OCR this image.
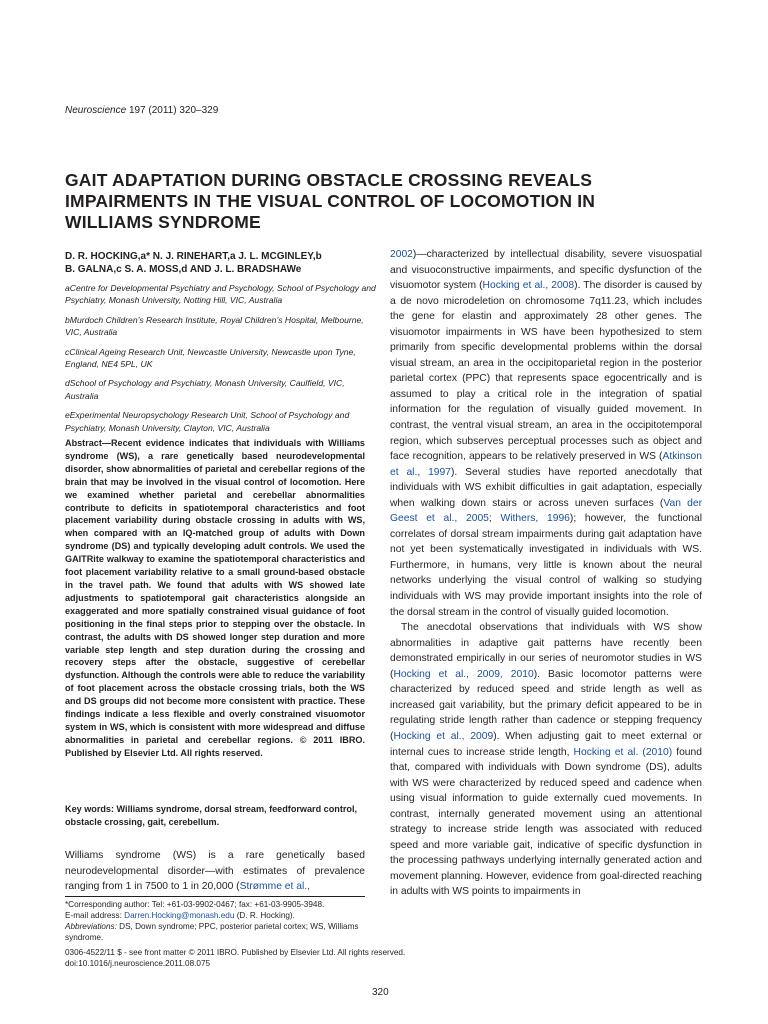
Neuroscience 197 (2011) 320–329
GAIT ADAPTATION DURING OBSTACLE CROSSING REVEALS IMPAIRMENTS IN THE VISUAL CONTROL OF LOCOMOTION IN WILLIAMS SYNDROME
D. R. HOCKING,a* N. J. RINEHART,a J. L. MCGINLEY,b
B. GALNA,c S. A. MOSS,d AND J. L. BRADSHAWe

aCentre for Developmental Psychiatry and Psychology, School of Psychology and Psychiatry, Monash University, Notting Hill, VIC, Australia

bMurdoch Children’s Research Institute, Royal Children’s Hospital, Melbourne, VIC, Australia

cClinical Ageing Research Unit, Newcastle University, Newcastle upon Tyne, England, NE4 5PL, UK

dSchool of Psychology and Psychiatry, Monash University, Caulfield, VIC, Australia

eExperimental Neuropsychology Research Unit, School of Psychology and Psychiatry, Monash University, Clayton, VIC, Australia

Abstract—Recent evidence indicates that individuals with Williams syndrome (WS), a rare genetically based neurodevelopmental disorder, show abnormalities of parietal and cerebellar regions of the brain that may be involved in the visual control of locomotion. Here we examined whether parietal and cerebellar abnormalities contribute to deficits in spatiotemporal characteristics and foot placement variability during obstacle crossing in adults with WS, when compared with an IQ-matched group of adults with Down syndrome (DS) and typically developing adult controls. We used the GAITRite walkway to examine the spatiotemporal characteristics and foot placement variability relative to a small ground-based obstacle in the travel path. We found that adults with WS showed late adjustments to spatiotemporal gait characteristics alongside an exaggerated and more spatially constrained visual guidance of foot positioning in the final steps prior to stepping over the obstacle. In contrast, the adults with DS showed longer step duration and more variable step length and step duration during the crossing and recovery steps after the obstacle, suggestive of cerebellar dysfunction. Although the controls were able to reduce the variability of foot placement across the obstacle crossing trials, both the WS and DS groups did not become more consistent with practice. These findings indicate a less flexible and overly constrained visuomotor system in WS, which is consistent with more widespread and diffuse abnormalities in parietal and cerebellar regions. © 2011 IBRO. Published by Elsevier Ltd. All rights reserved.

Key words: Williams syndrome, dorsal stream, feedforward control, obstacle crossing, gait, cerebellum.

Williams syndrome (WS) is a rare genetically based neurodevelopmental disorder—with estimates of prevalence ranging from 1 in 7500 to 1 in 20,000 (Strømme et al.,

*Corresponding author: Tel: +61-03-9902-0467; fax: +61-03-9905-3948.

E-mail address: Darren.Hocking@monash.edu (D. R. Hocking).

Abbreviations: DS, Down syndrome; PPC, posterior parietal cortex; WS, Williams syndrome.

0306-4522/11 $ - see front matter © 2011 IBRO. Published by Elsevier Ltd. All rights reserved.

doi:10.1016/j.neuroscience.2011.08.075

320

2002)—characterized by intellectual disability, severe visuospatial and visuoconstructive impairments, and specific dysfunction of the visuomotor system (Hocking et al., 2008). The disorder is caused by a de novo microdeletion on chromosome 7q11.23, which includes the gene for elastin and approximately 28 other genes. The visuomotor impairments in WS have been hypothesized to stem primarily from specific developmental problems within the dorsal visual stream, an area in the occipitoparietal region in the posterior parietal cortex (PPC) that represents space egocentrically and is assumed to play a critical role in the integration of spatial information for the regulation of visually guided movement. In contrast, the ventral visual stream, an area in the occipitotemporal region, which subserves perceptual processes such as object and face recognition, appears to be relatively preserved in WS (Atkinson et al., 1997). Several studies have reported anecdotally that individuals with WS exhibit difficulties in gait adaptation, especially when walking down stairs or across uneven surfaces (Van der Geest et al., 2005; Withers, 1996); however, the functional correlates of dorsal stream impairments during gait adaptation have not yet been systematically investigated in individuals with WS. Furthermore, in humans, very little is known about the neural networks underlying the visual control of walking so studying individuals with WS may provide important insights into the role of the dorsal stream in the control of visually guided locomotion.

The anecdotal observations that individuals with WS show abnormalities in adaptive gait patterns have recently been demonstrated empirically in our series of neuromotor studies in WS (Hocking et al., 2009, 2010). Basic locomotor patterns were characterized by reduced speed and stride length as well as increased gait variability, but the primary deficit appeared to be in regulating stride length rather than cadence or stepping frequency (Hocking et al., 2009). When adjusting gait to meet external or internal cues to increase stride length, Hocking et al. (2010) found that, compared with individuals with Down syndrome (DS), adults with WS were characterized by reduced speed and cadence when using visual information to guide externally cued movements. In contrast, internally generated movement using an attentional strategy to increase stride length was associated with reduced speed and more variable gait, indicative of specific dysfunction in the processing pathways underlying internally generated action and movement planning. However, evidence from goal-directed reaching in adults with WS points to impairments in
